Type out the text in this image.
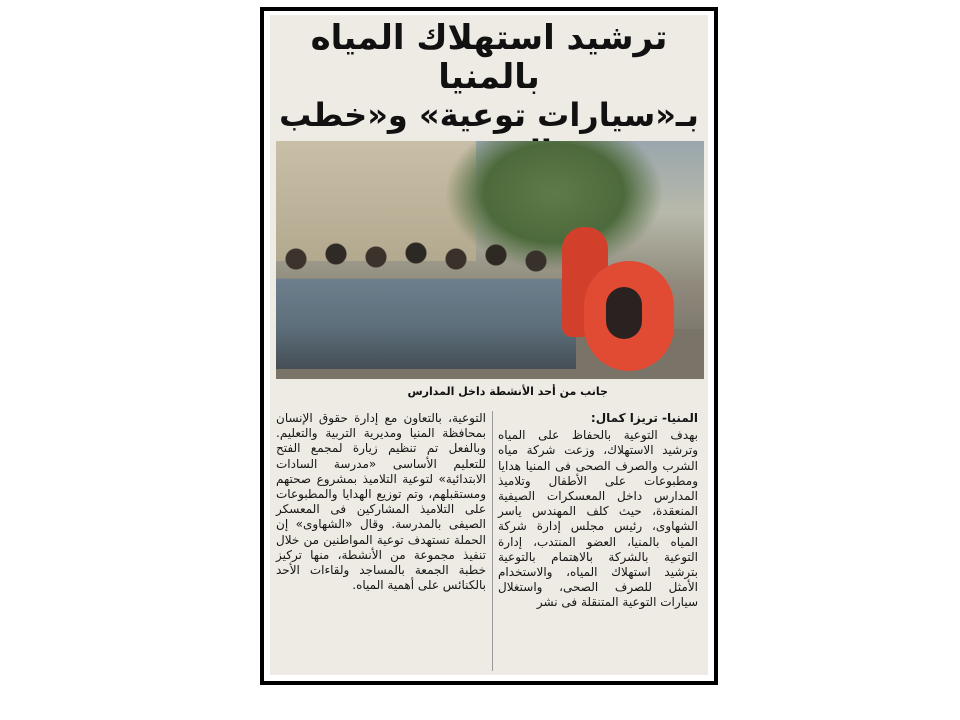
ترشيد استهلاك المياه بالمنيا
بـ«سيارات توعية» و«خطب
جانب من أحد الأنشطة داخل المدارس
المنيا- تريزا كمال:
بهدف التوعية بالحفاظ على المياه وترشيد الاستهلاك، وزعت شركة مياه الشرب والصرف الصحى فى المنيا هدايا ومطبوعات على الأطفال وتلاميذ المدارس داخل المعسكرات الصيفية المنعقدة، حيث كلف المهندس ياسر الشهاوى، رئيس مجلس إدارة شركة المياه بالمنيا، العضو المنتدب، إدارة التوعية بالشركة بالاهتمام بالتوعية بترشيد استهلاك المياه، والاستخدام الأمثل للصرف الصحى، واستغلال سيارات التوعية المتنقلة فى نشر
التوعية، بالتعاون مع إدارة حقوق الإنسان بمحافظة المنيا ومديرية التربية والتعليم. وبالفعل تم تنظيم زيارة لمجمع الفتح للتعليم الأساسى «مدرسة السادات الابتدائية» لتوعية التلاميذ بمشروع صحتهم ومستقبلهم، وتم توزيع الهدايا والمطبوعات على التلاميذ المشاركين فى المعسكر الصيفى بالمدرسة. وقال «الشهاوى» إن الحملة تستهدف توعية المواطنين من خلال تنفيذ مجموعة من الأنشطة، منها تركيز خطبة الجمعة بالمساجد ولقاءات الأحد بالكنائس على أهمية المياه.
